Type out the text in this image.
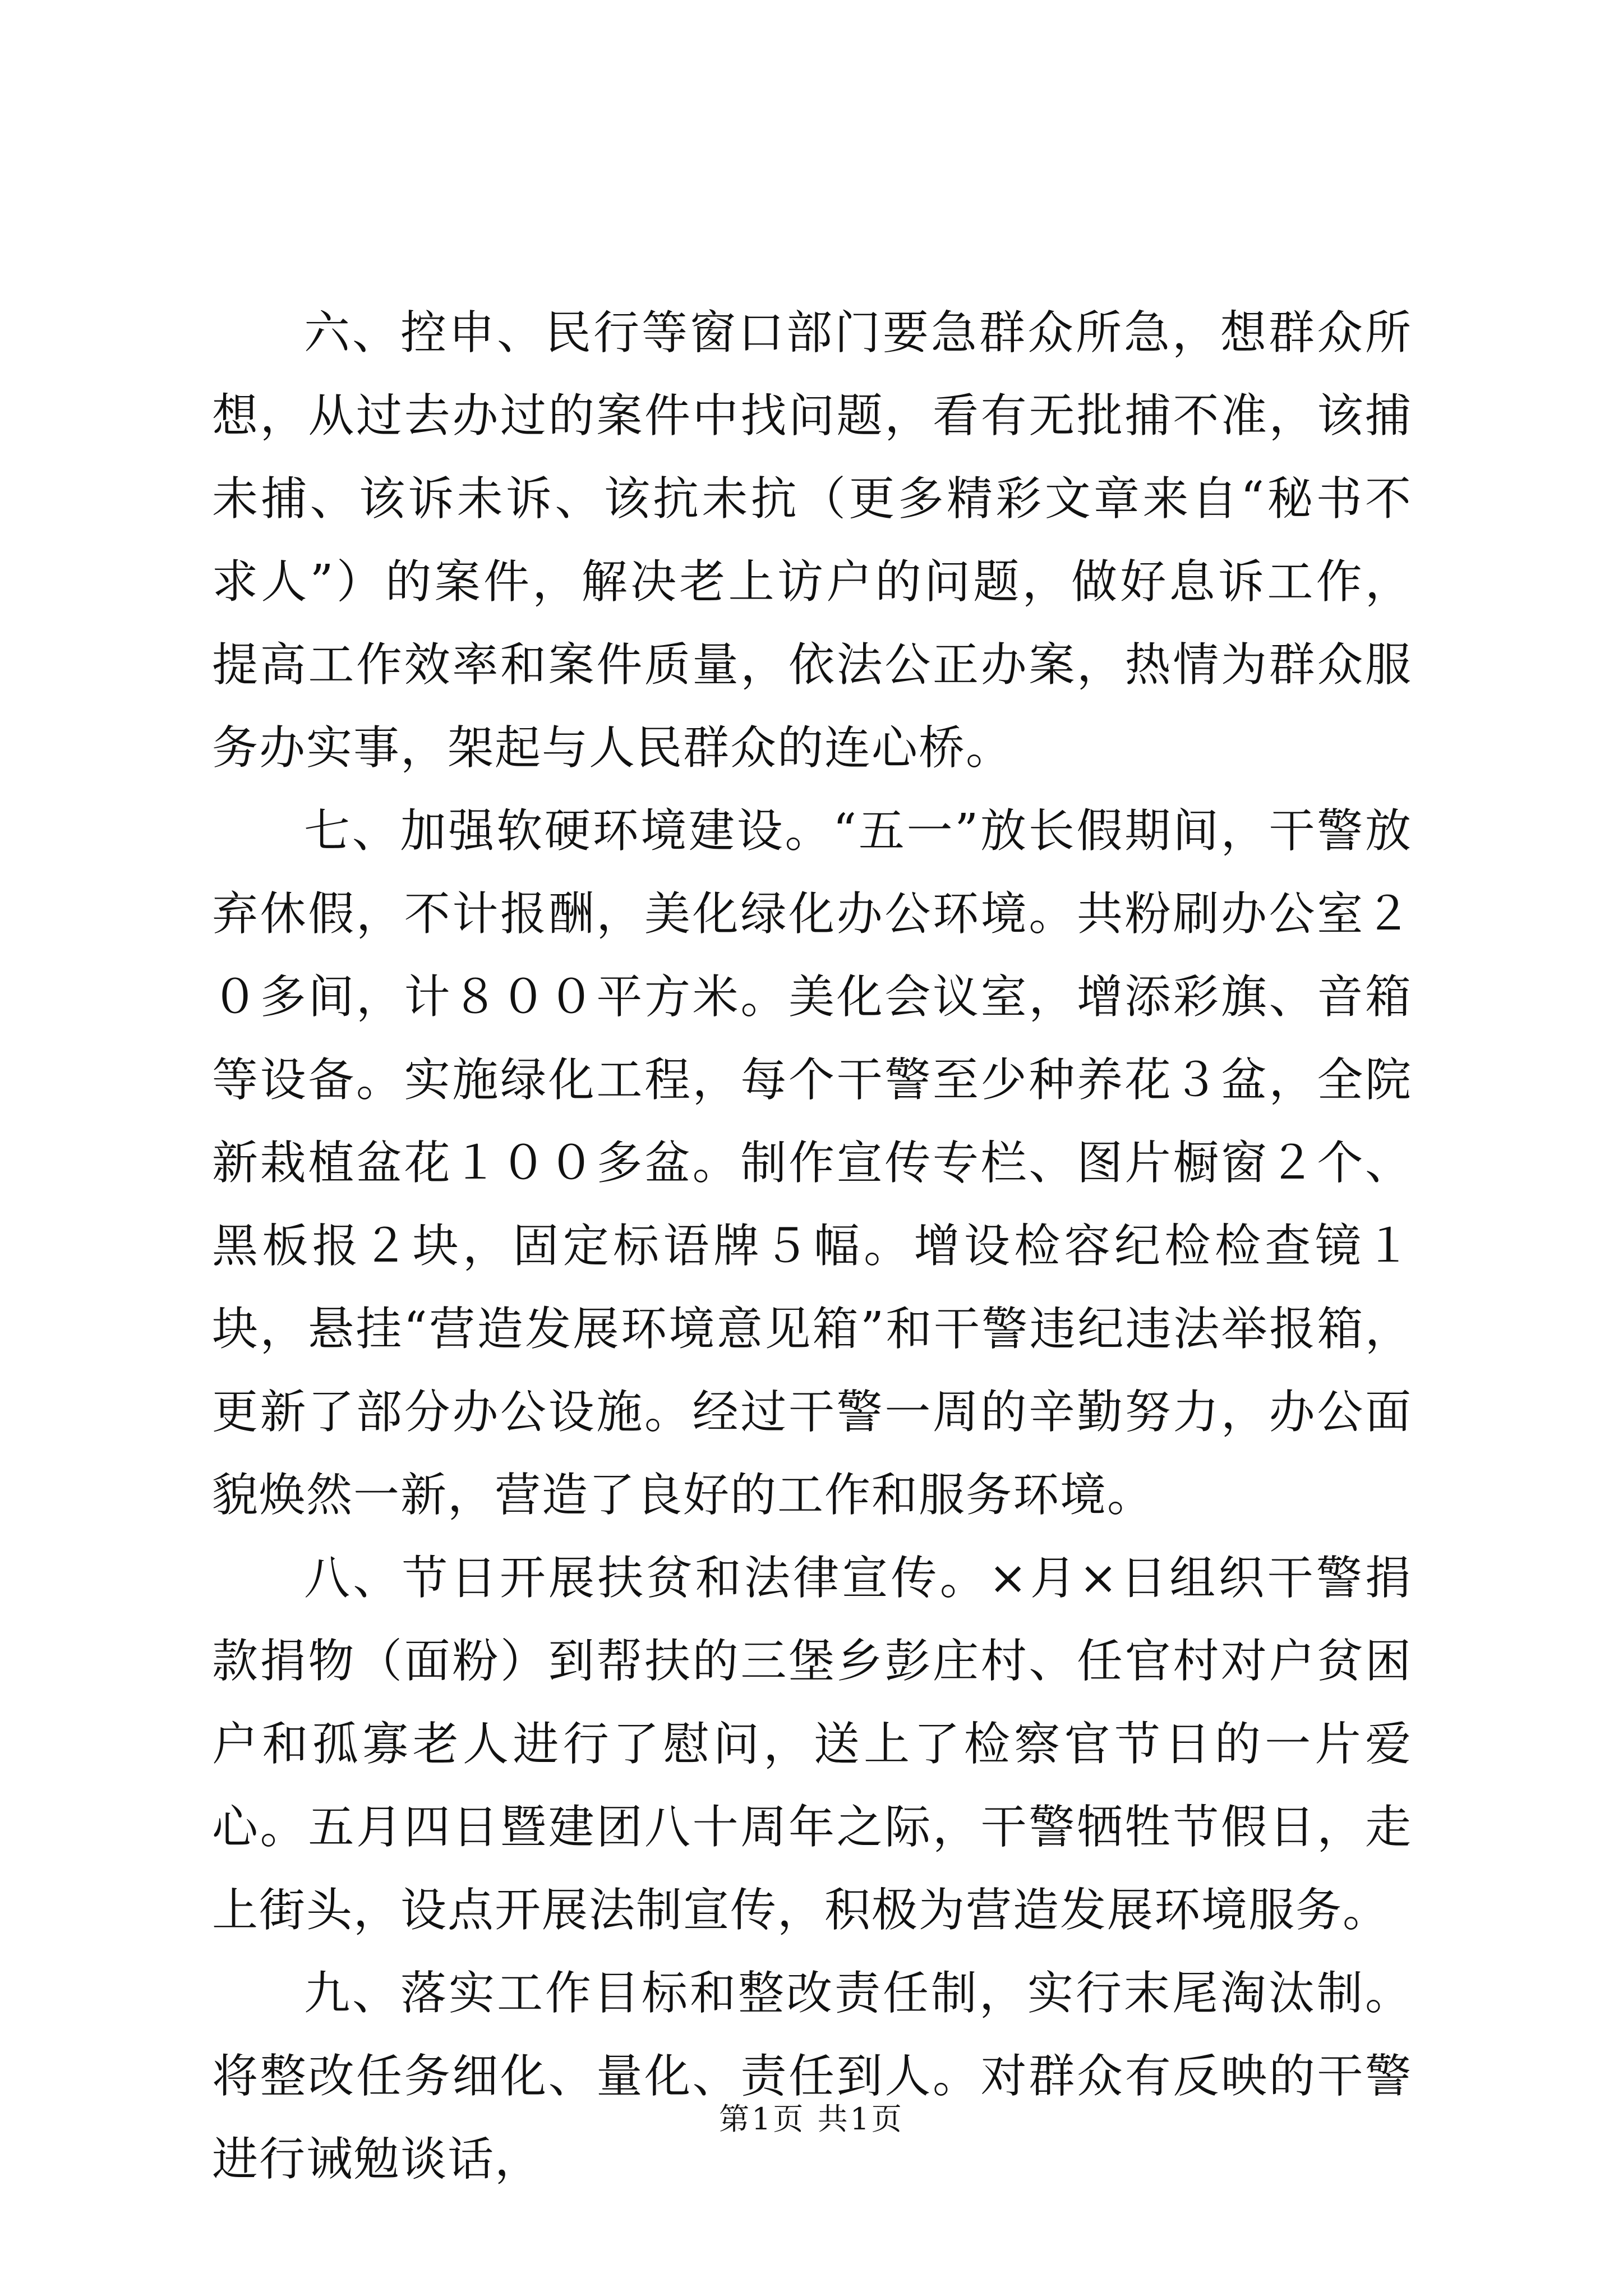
六、控申、民行等窗口部门要急群众所急，想群众所想，从过去办过的案件中找问题，看有无批捕不准，该捕未捕、该诉未诉、该抗未抗（更多精彩文章来自“秘书不求人”）的案件，解决老上访户的问题，做好息诉工作，提高工作效率和案件质量，依法公正办案，热情为群众服务办实事，架起与人民群众的连心桥。

七、加强软硬环境建设。“五一”放长假期间，干警放弃休假，不计报酬，美化绿化办公环境。共粉刷办公室２０多间，计８００平方米。美化会议室，增添彩旗、音箱等设备。实施绿化工程，每个干警至少种养花３盆，全院新栽植盆花１００多盆。制作宣传专栏、图片橱窗２个、黑板报２块，固定标语牌５幅。增设检容纪检检查镜１块，悬挂“营造发展环境意见箱”和干警违纪违法举报箱，更新了部分办公设施。经过干警一周的辛勤努力，办公面貌焕然一新，营造了良好的工作和服务环境。

八、节日开展扶贫和法律宣传。×月×日组织干警捐款捐物（面粉）到帮扶的三堡乡彭庄村、任官村对户贫困户和孤寡老人进行了慰问，送上了检察官节日的一片爱心。五月四日暨建团八十周年之际，干警牺牲节假日，走上街头，设点开展法制宣传，积极为营造发展环境服务。

九、落实工作目标和整改责任制，实行末尾淘汰制。将整改任务细化、量化、责任到人。对群众有反映的干警进行诫勉谈话，

第1页 共1页
